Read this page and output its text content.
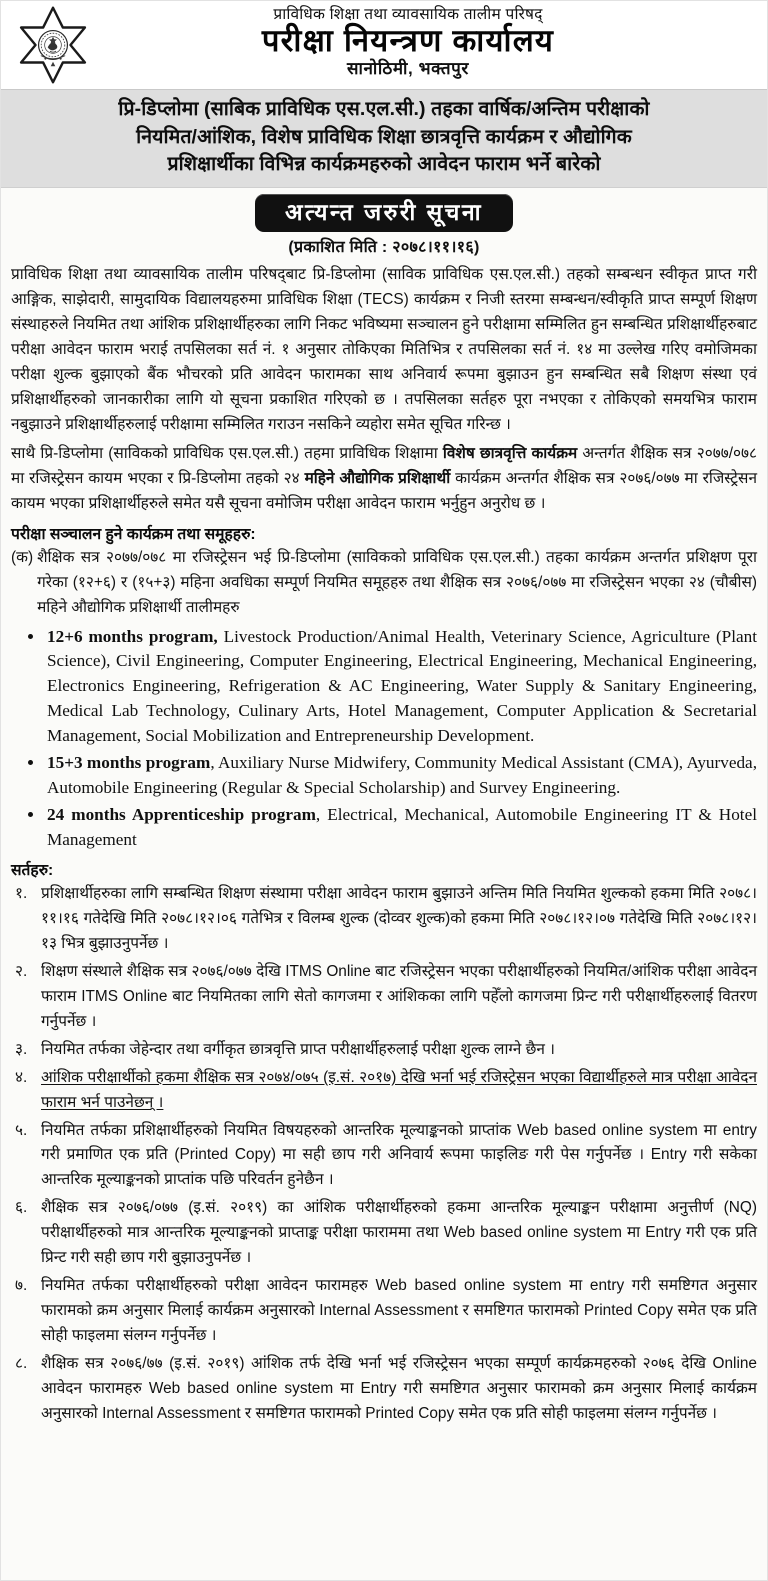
प्राविधिक शिक्षा तथा व्यावसायिक तालीम परिषद्
परीक्षा नियन्त्रण कार्यालय
सानोठिमी, भक्तपुर
प्रि-डिप्लोमा (साबिक प्राविधिक एस.एल.सी.) तहका वार्षिक/अन्तिम परीक्षाको
नियमित/आंशिक, विशेष प्राविधिक शिक्षा छात्रवृत्ति कार्यक्रम र औद्योगिक
प्रशिक्षार्थीका विभिन्न कार्यक्रमहरुको आवेदन फाराम भर्ने बारेको
अत्यन्त जरुरी सूचना
(प्रकाशित मिति : २०७८।११।१६)

प्राविधिक शिक्षा तथा व्यावसायिक तालीम परिषद्‌बाट प्रि-डिप्लोमा (साविक प्राविधिक एस.एल.सी.) तहको सम्बन्धन स्वीकृत प्राप्त गरी आङ्गिक, साझेदारी, सामुदायिक विद्यालयहरुमा प्राविधिक शिक्षा (TECS) कार्यक्रम र निजी स्तरमा सम्बन्धन/स्वीकृति प्राप्त सम्पूर्ण शिक्षण संस्थाहरुले नियमित तथा आंशिक प्रशिक्षार्थीहरुका लागि निकट भविष्यमा सञ्चालन हुने परीक्षामा सम्मिलित हुन सम्बन्धित प्रशिक्षार्थीहरुबाट परीक्षा आवेदन फाराम भराई तपसिलका सर्त नं. १ अनुसार तोकिएका मितिभित्र र तपसिलका सर्त नं. १४ मा उल्लेख गरिए वमोजिमका परीक्षा शुल्क बुझाएको बैंक भौचरको प्रति आवेदन फारामका साथ अनिवार्य रूपमा बुझाउन हुन सम्बन्धित सबै शिक्षण संस्था एवं प्रशिक्षार्थीहरुको जानकारीका लागि यो सूचना प्रकाशित गरिएको छ । तपसिलका सर्तहरु पूरा नभएका र तोकिएको समयभित्र फाराम नबुझाउने प्रशिक्षार्थीहरुलाई परीक्षामा सम्मिलित गराउन नसकिने व्यहोरा समेत सूचित गरिन्छ ।

साथै प्रि-डिप्लोमा (साविकको प्राविधिक एस.एल.सी.) तहमा प्राविधिक शिक्षामा विशेष छात्रवृत्ति कार्यक्रम अन्तर्गत शैक्षिक सत्र २०७७/०७८ मा रजिस्ट्रेसन कायम भएका र प्रि-डिप्लोमा तहको २४ महिने औद्योगिक प्रशिक्षार्थी कार्यक्रम अन्तर्गत शैक्षिक सत्र २०७६/०७७ मा रजिस्ट्रेसन कायम भएका प्रशिक्षार्थीहरुले समेत यसै सूचना वमोजिम परीक्षा आवेदन फाराम भर्नुहुन अनुरोध छ ।

परीक्षा सञ्चालन हुने कार्यक्रम तथा समूहहरु:
(क) शैक्षिक सत्र २०७७/०७८ मा रजिस्ट्रेसन भई प्रि-डिप्लोमा (साविकको प्राविधिक एस.एल.सी.) तहका कार्यक्रम अन्तर्गत प्रशिक्षण पूरा गरेका (१२+६) र (१५+३) महिना अवधिका सम्पूर्ण नियमित समूहहरु तथा शैक्षिक सत्र २०७६/०७७ मा रजिस्ट्रेसन भएका २४ (चौबीस) महिने औद्योगिक प्रशिक्षार्थी तालीमहरु
12+6 months program, Livestock Production/Animal Health, Veterinary Science, Agriculture (Plant Science), Civil Engineering, Computer Engineering, Electrical Engineering, Mechanical Engineering, Electronics Engineering, Refrigeration & AC Engineering, Water Supply & Sanitary Engineering, Medical Lab Technology, Culinary Arts, Hotel Management, Computer Application & Secretarial Management, Social Mobilization and Entrepreneurship Development.
15+3 months program, Auxiliary Nurse Midwifery, Community Medical Assistant (CMA), Ayurveda, Automobile Engineering (Regular & Special Scholarship) and Survey Engineering.
24 months Apprenticeship program, Electrical, Mechanical, Automobile Engineering IT & Hotel Management
सर्तहरु:
१. प्रशिक्षार्थीहरुका लागि सम्बन्धित शिक्षण संस्थामा परीक्षा आवेदन फाराम बुझाउने अन्तिम मिति नियमित शुल्कको हकमा मिति २०७८।११।१६ गतेदेखि मिति २०७८।१२।०६ गतेभित्र र विलम्ब शुल्क (दोव्वर शुल्क)को हकमा मिति २०७८।१२।०७ गतेदेखि मिति २०७८।१२।१३ भित्र बुझाउनुपर्नेछ ।
२. शिक्षण संस्थाले शैक्षिक सत्र २०७६/०७७ देखि ITMS Online बाट रजिस्ट्रेसन भएका परीक्षार्थीहरुको नियमित/आंशिक परीक्षा आवेदन फाराम ITMS Online बाट नियमितका लागि सेतो कागजमा र आंशिकका लागि पहेँलो कागजमा प्रिन्ट गरी परीक्षार्थीहरुलाई वितरण गर्नुपर्नेछ ।
३. नियमित तर्फका जेहेन्दार तथा वर्गीकृत छात्रवृत्ति प्राप्त परीक्षार्थीहरुलाई परीक्षा शुल्क लाग्ने छैन ।
४. आंशिक परीक्षार्थीको हकमा शैक्षिक सत्र २०७४/०७५ (इ.सं. २०१७) देखि भर्ना भई रजिस्ट्रेसन भएका विद्यार्थीहरुले मात्र परीक्षा आवेदन फाराम भर्न पाउनेछन् ।
५. नियमित तर्फका प्रशिक्षार्थीहरुको नियमित विषयहरुको आन्तरिक मूल्याङ्कनको प्राप्तांक Web based online system मा entry गरी प्रमाणित एक प्रति (Printed Copy) मा सही छाप गरी अनिवार्य रूपमा फाइलिङ गरी पेस गर्नुपर्नेछ । Entry गरी सकेका आन्तरिक मूल्याङ्कनको प्राप्तांक पछि परिवर्तन हुनेछैन ।
६. शैक्षिक सत्र २०७६/०७७ (इ.सं. २०१९) का आंशिक परीक्षार्थीहरुको हकमा आन्तरिक मूल्याङ्कन परीक्षामा अनुत्तीर्ण (NQ) परीक्षार्थीहरुको मात्र आन्तरिक मूल्याङ्कनको प्राप्ताङ्क परीक्षा फाराममा तथा Web based online system मा Entry गरी एक प्रति प्रिन्ट गरी सही छाप गरी बुझाउनुपर्नेछ ।
७. नियमित तर्फका परीक्षार्थीहरुको परीक्षा आवेदन फारामहरु Web based online system मा entry गरी समष्टिगत अनुसार फारामको क्रम अनुसार मिलाई कार्यक्रम अनुसारको Internal Assessment र समष्टिगत फारामको Printed Copy समेत एक प्रति सोही फाइलमा संलग्न गर्नुपर्नेछ ।
८. शैक्षिक सत्र २०७६/७७ (इ.सं. २०१९) आंशिक तर्फ देखि भर्ना भई रजिस्ट्रेसन भएका सम्पूर्ण कार्यक्रमहरुको २०७६ देखि Online आवेदन फारामहरु Web based online system मा Entry गरी समष्टिगत अनुसार फारामको क्रम अनुसार मिलाई कार्यक्रम अनुसारको Internal Assessment र समष्टिगत फारामको Printed Copy समेत एक प्रति सोही फाइलमा संलग्न गर्नुपर्नेछ ।
